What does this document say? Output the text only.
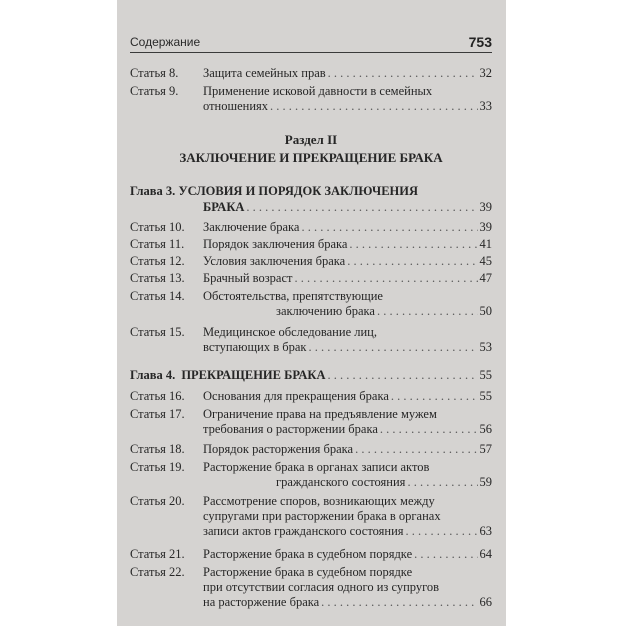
Содержание	753
Статья 8. Защита семейных прав . . .	32
Статья 9. Применение исковой давности в семейных
отношениях . . .	33
Раздел II
ЗАКЛЮЧЕНИЕ И ПРЕКРАЩЕНИЕ БРАКА
Глава 3. УСЛОВИЯ И ПОРЯДОК ЗАКЛЮЧЕНИЯ
БРАКА . . .	39
Статья 10. Заключение брака . . .	39
Статья 11. Порядок заключения брака . . .	41
Статья 12. Условия заключения брака . . .	45
Статья 13. Брачный возраст . . .	47
Статья 14. Обстоятельства, препятствующие
заключению брака . . .	50
Статья 15. Медицинское обследование лиц,
вступающих в брак . . .	53
Глава 4. ПРЕКРАЩЕНИЕ БРАКА . . .	55
Статья 16. Основания для прекращения брака . . .	55
Статья 17. Ограничение права на предъявление мужем
требования о расторжении брака . . .	56
Статья 18. Порядок расторжения брака . . .	57
Статья 19. Расторжение брака в органах записи актов
гражданского состояния . . .	59
Статья 20. Рассмотрение споров, возникающих между
супругами при расторжении брака в органах
записи актов гражданского состояния . . .	63
Статья 21. Расторжение брака в судебном порядке . . .	64
Статья 22. Расторжение брака в судебном порядке
при отсутствии согласия одного из супругов
на расторжение брака . . .	66
